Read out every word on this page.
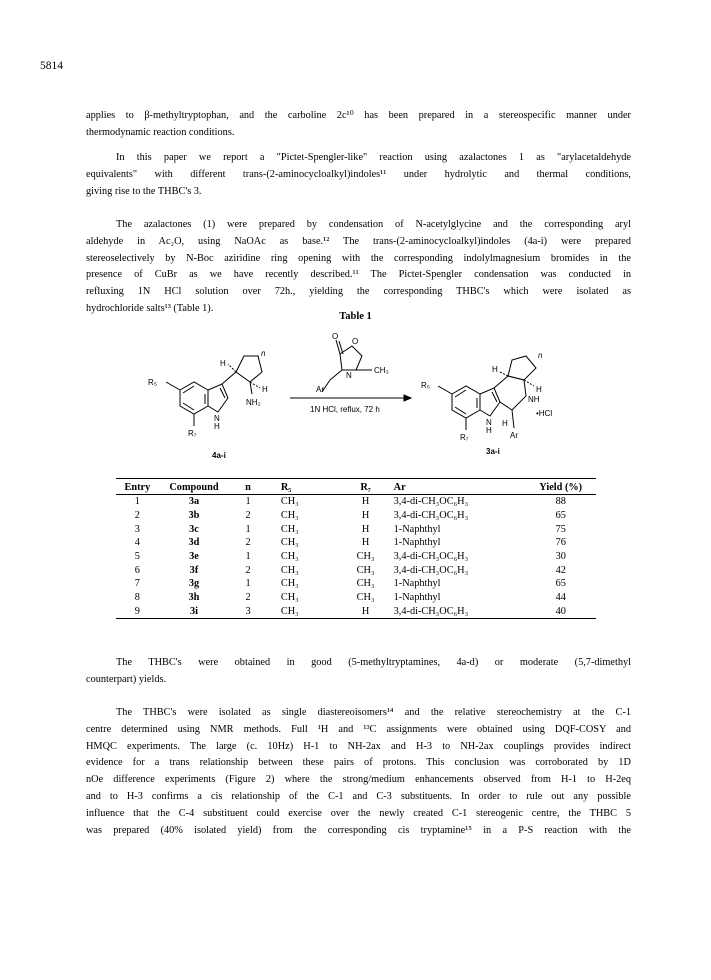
5814

applies to β-methyltryptophan, and the carboline 2c¹⁰ has been prepared in a stereospecific manner under
thermodynamic reaction conditions.

In this paper we report a "Pictet-Spengler-like" reaction using azalactones 1 as "arylacetaldehyde
equivalents" with different trans-(2-aminocycloalkyl)indoles¹¹ under hydrolytic and thermal conditions,
giving rise to the THBC's 3.

The azalactones (1) were prepared by condensation of N-acetylglycine and the corresponding aryl
aldehyde in Ac₂O, using NaOAc as base.¹² The trans-(2-aminocycloalkyl)indoles (4a-i) were prepared
stereoselectively by N-Boc aziridine ring opening with the corresponding indolylmagnesium bromides in the
presence of CuBr as we have recently described.¹¹ The Pictet-Spengler condensation was conducted in
refluxing 1N HCl solution over 72h., yielding the corresponding THBC's which were isolated as
hydrochloride salts¹³ (Table 1).

Table 1
R₅
R₇
N
H
H
H
NH₂
n
4a-i
O
O
N
CH₃
Ar
1N HCl, reflux, 72 h
R₅
R₇
N
H
H
H
NH
H
•HCl
Ar
n
3a-i
Entry	Compound	n	R₅	R₇	Ar	Yield (%)
1	3a	1	CH₃	H	3,4-di-CH₃OC₆H₃	88
2	3b	2	CH₃	H	3,4-di-CH₃OC₆H₃	65
3	3c	1	CH₃	H	1-Naphthyl	75
4	3d	2	CH₃	H	1-Naphthyl	76
5	3e	1	CH₃	CH₃	3,4-di-CH₃OC₆H₃	30
6	3f	2	CH₃	CH₃	3,4-di-CH₃OC₆H₃	42
7	3g	1	CH₃	CH₃	1-Naphthyl	65
8	3h	2	CH₃	CH₃	1-Naphthyl	44
9	3i	3	CH₃	H	3,4-di-CH₃OC₆H₃	40

The THBC's were obtained in good (5-methyltryptamines, 4a-d) or moderate (5,7-dimethyl
counterpart) yields.

The THBC's were isolated as single diastereoisomers¹⁴ and the relative stereochemistry at the C-1
centre determined using NMR methods. Full ¹H and ¹³C assignments were obtained using DQF-COSY and
HMQC experiments. The large (c. 10Hz) H-1 to NH-2ax and H-3 to NH-2ax couplings provides indirect
evidence for a trans relationship between these pairs of protons. This conclusion was corroborated by 1D
nOe difference experiments (Figure 2) where the strong/medium enhancements observed from H-1 to H-2eq
and to H-3 confirms a cis relationship of the C-1 and C-3 substituents. In order to rule out any possible
influence that the C-4 substituent could exercise over the newly created C-1 stereogenic centre, the THBC 5
was prepared (40% isolated yield) from the corresponding cis tryptamine¹⁵ in a P-S reaction with the
